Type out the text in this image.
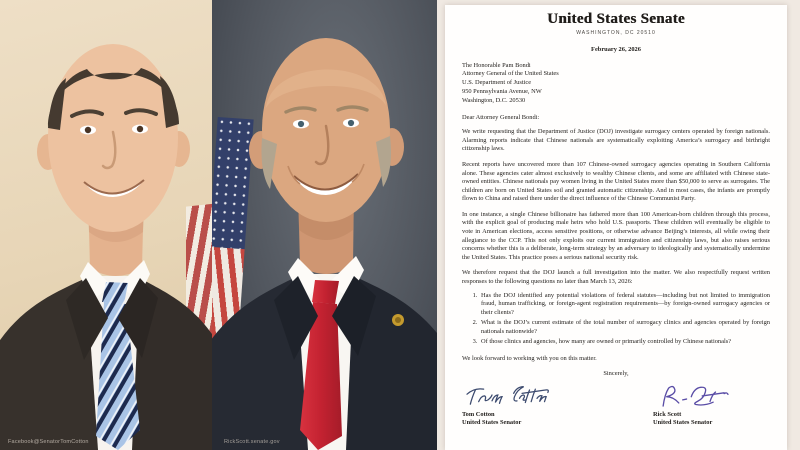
Facebook@SenatorTomCotton	RickScott.senate.gov
United States Senate
WASHINGTON, DC 20510
February 26, 2026
The Honorable Pam Bondi
Attorney General of the United States
U.S. Department of Justice
950 Pennsylvania Avenue, NW
Washington, D.C. 20530
Dear Attorney General Bondi:

We write requesting that the Department of Justice (DOJ) investigate surrogacy centers operated by foreign nationals. Alarming reports indicate that Chinese nationals are systematically exploiting America’s surrogacy and birthright citizenship laws.

Recent reports have uncovered more than 107 Chinese-owned surrogacy agencies operating in Southern California alone. These agencies cater almost exclusively to wealthy Chinese clients, and some are affiliated with Chinese state-owned entities. Chinese nationals pay women living in the United States more than $50,000 to serve as surrogates. The children are born on United States soil and granted automatic citizenship. And in most cases, the infants are promptly flown to China and raised there under the direct influence of the Chinese Communist Party.

In one instance, a single Chinese billionaire has fathered more than 100 American-born children through this process, with the explicit goal of producing male heirs who hold U.S. passports. These children will eventually be eligible to vote in American elections, access sensitive positions, or otherwise advance Beijing’s interests, all while owing their allegiance to the CCP. This not only exploits our current immigration and citizenship laws, but also raises serious concerns whether this is a deliberate, long-term strategy by an adversary to ideologically and systematically undermine the United States. This practice poses a serious national security risk.

We therefore request that the DOJ launch a full investigation into the matter. We also respectfully request written responses to the following questions no later than March 13, 2026:

1. Has the DOJ identified any potential violations of federal statutes—including but not limited to immigration fraud, human trafficking, or foreign-agent registration requirements—by foreign-owned surrogacy agencies or their clients?
2. What is the DOJ’s current estimate of the total number of surrogacy clinics and agencies operated by foreign nationals nationwide?
3. Of those clinics and agencies, how many are owned or primarily controlled by Chinese nationals?
We look forward to working with you on this matter.
Sincerely,
Tom Cotton
United States Senator
Rick Scott
United States Senator
